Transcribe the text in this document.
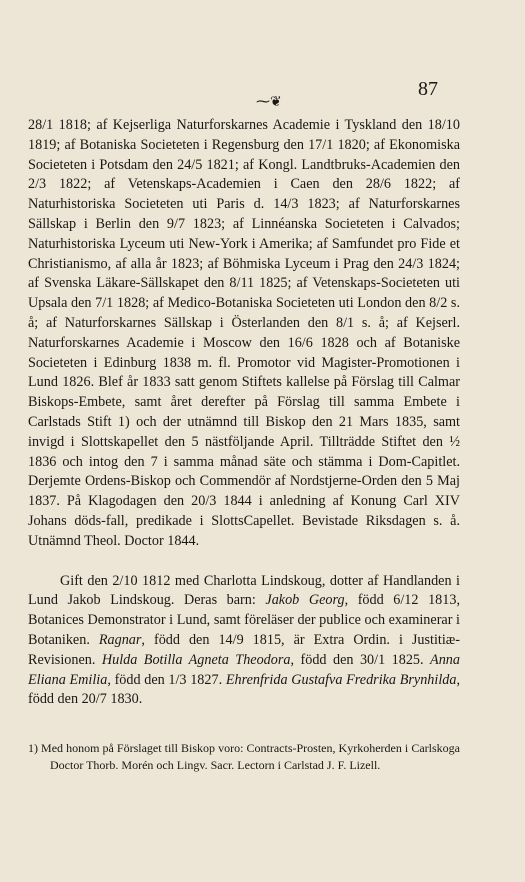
87
⁓❦

28/1 1818; af Kejserliga Naturforskarnes Academie i Tyskland den 18/10 1819; af Botaniska Societeten i Regensburg den 17/1 1820; af Ekonomiska Societeten i Potsdam den 24/5 1821; af Kongl. Landtbruks-Academien den 2/3 1822; af Vetenskaps-Academien i Caen den 28/6 1822; af Naturhistoriska Societeten uti Paris d. 14/3 1823; af Naturforskarnes Sällskap i Berlin den 9/7 1823; af Linnéanska Societeten i Calvados; Naturhistoriska Lyceum uti New-York i Amerika; af Samfundet pro Fide et Christianismo, af alla år 1823; af Böhmiska Lyceum i Prag den 24/3 1824; af Svenska Läkare-Sällskapet den 8/11 1825; af Vetenskaps-Societeten uti Upsala den 7/1 1828; af Medico-Botaniska Societeten uti London den 8/2 s. å; af Naturforskarnes Sällskap i Österlanden den 8/1 s. å; af Kejserl. Naturforskarnes Academie i Moscow den 16/6 1828 och af Botaniske Societeten i Edinburg 1838 m. fl. Promotor vid Magister-Promotionen i Lund 1826. Blef år 1833 satt genom Stiftets kallelse på Förslag till Calmar Biskops-Embete, samt året derefter på Förslag till samma Embete i Carlstads Stift 1) och der utnämnd till Biskop den 21 Mars 1835, samt invigd i Slottskapellet den 5 nästföljande April. Tillträdde Stiftet den ½ 1836 och intog den 7 i samma månad säte och stämma i Dom-Capitlet. Derjemte Ordens-Biskop och Commendör af Nordstjerne-Orden den 5 Maj 1837. På Klagodagen den 20/3 1844 i anledning af Konung Carl XIV Johans döds-fall, predikade i SlottsCapellet. Bevistade Riksdagen s. å. Utnämnd Theol. Doctor 1844.

Gift den 2/10 1812 med Charlotta Lindskoug, dotter af Handlanden i Lund Jakob Lindskoug. Deras barn: Jakob Georg, född 6/12 1813, Botanices Demonstrator i Lund, samt föreläser der publice och examinerar i Botaniken. Ragnar, född den 14/9 1815, är Extra Ordin. i Justitiæ-Revisionen. Hulda Botilla Agneta Theodora, född den 30/1 1825. Anna Eliana Emilia, född den 1/3 1827. Ehrenfrida Gustafva Fredrika Brynhilda, född den 20/7 1830.

1) Med honom på Förslaget till Biskop voro: Contracts-Prosten, Kyrkoherden i Carlskoga Doctor Thorb. Morén och Lingv. Sacr. Lectorn i Carlstad J. F. Lizell.
